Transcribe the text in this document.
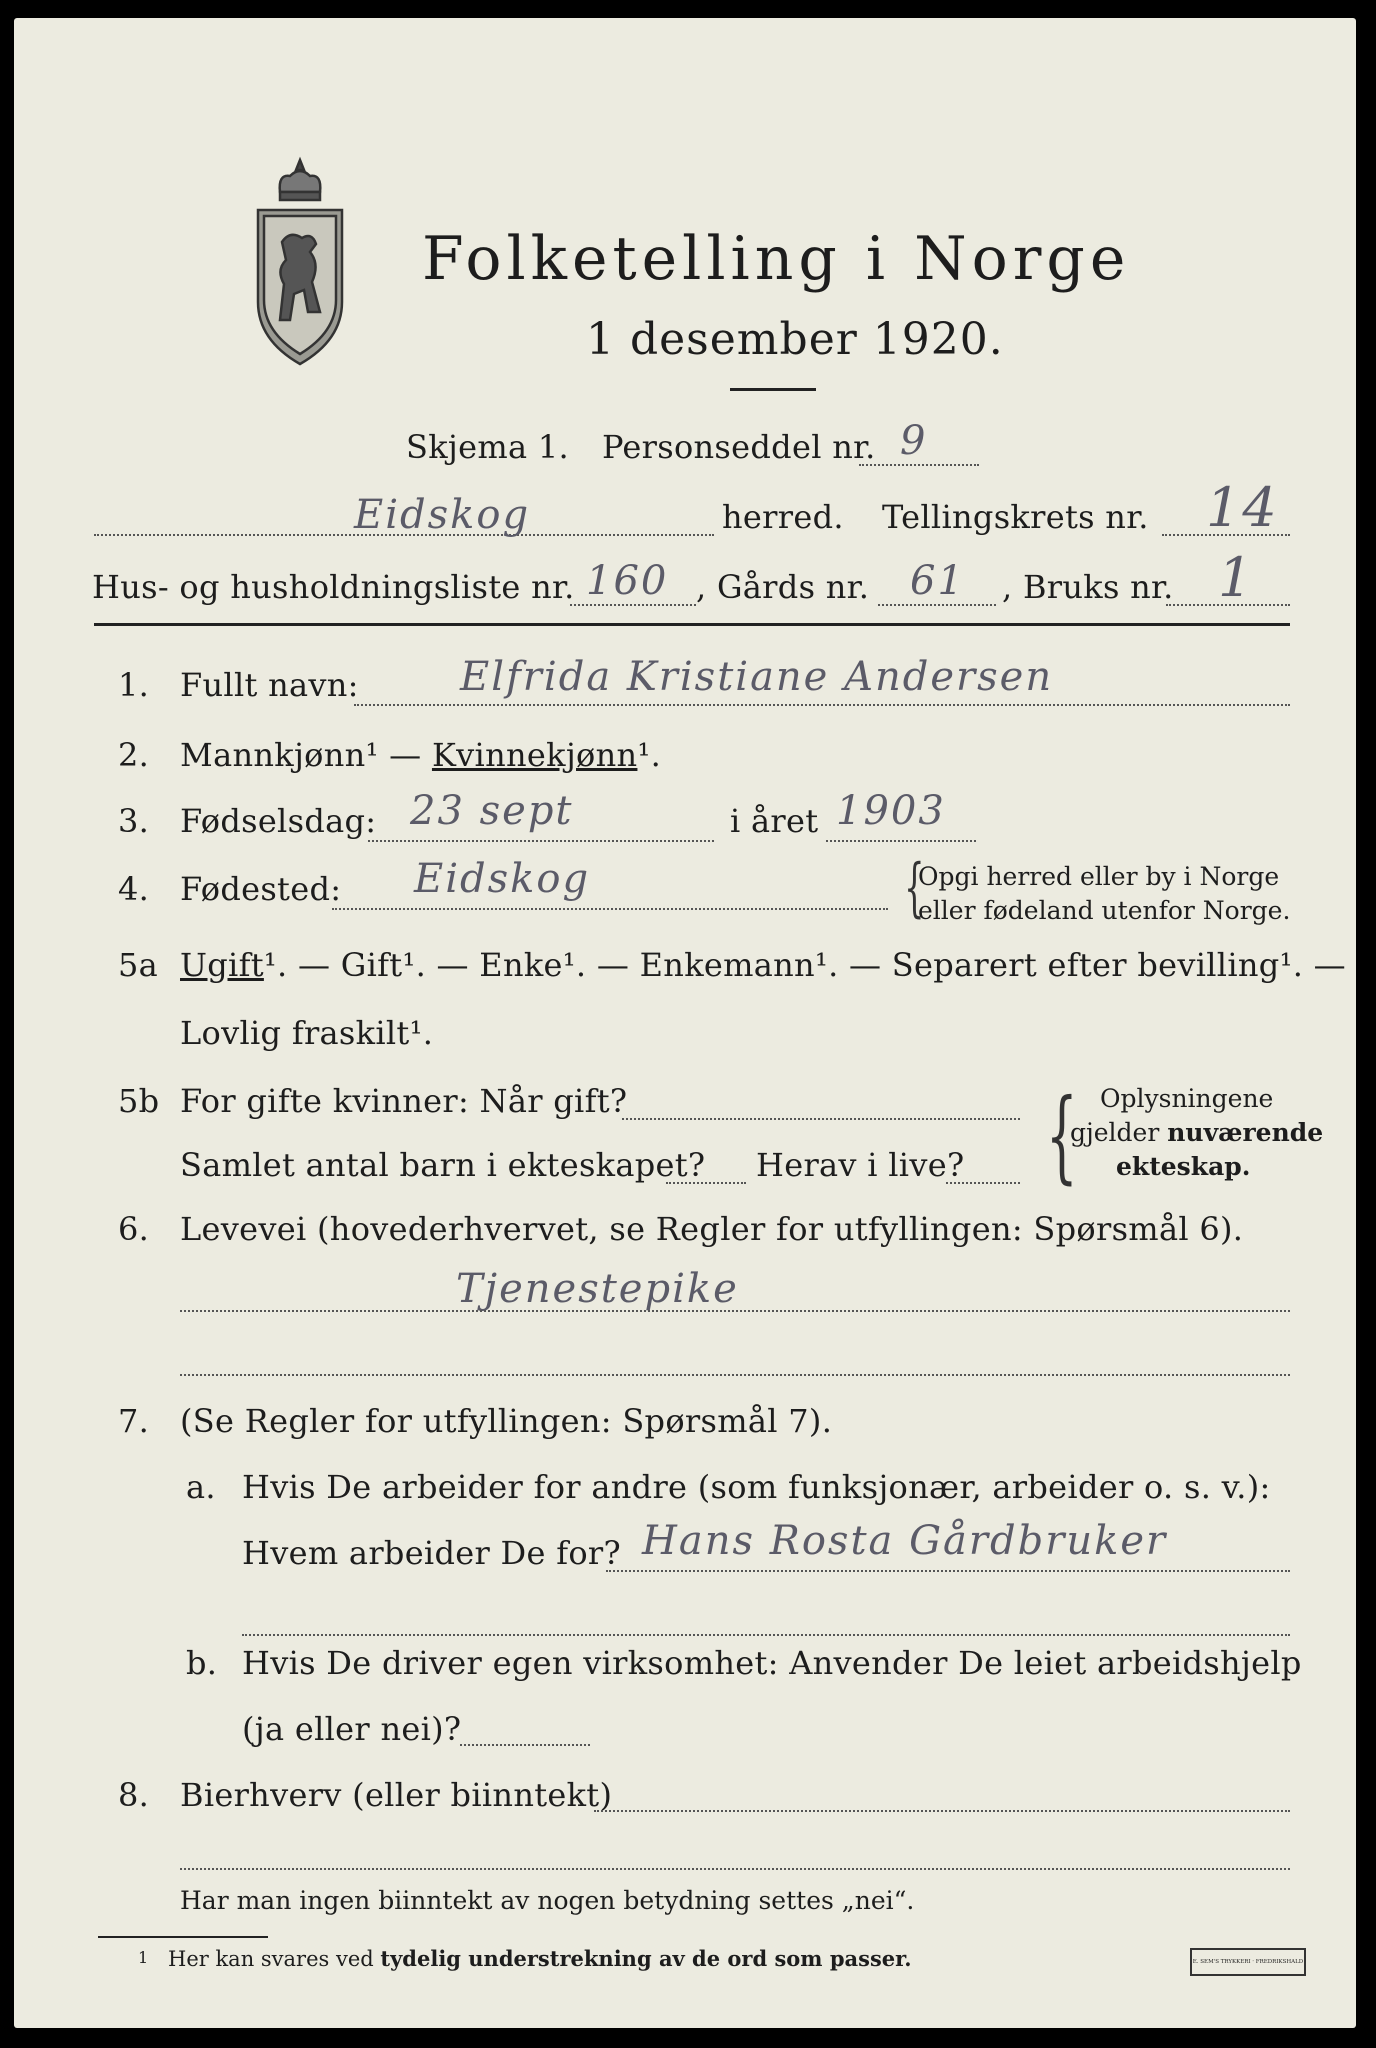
Folketelling i Norge
1 desember 1920.
Skjema 1. Personseddel nr. 9
Eidskog	herred. Tellingskrets nr. 14
Hus- og husholdningsliste nr. 160 , Gårds nr. 61 , Bruks nr. 1
1. Fullt navn:	Elfrida Kristiane Andersen
2. Mannkjønn¹ — Kvinnekjønn¹.
3. Fødselsdag: 23 sept	i året 1903
4. Fødested: Eidskog	{
Opgi herred eller by i Norge
eller fødeland utenfor Norge.
5a Ugift¹. — Gift¹. — Enke¹. — Enkemann¹. — Separert efter bevilling¹. —
Lovlig fraskilt¹.
5b For gifte kvinner: Når gift?
Samlet antal barn i ekteskapet? Herav i live? { Oplysningene
gjelder nuværende
ekteskap.
6. Levevei (hovederhvervet, se Regler for utfyllingen: Spørsmål 6).
Tjenestepike
7. (Se Regler for utfyllingen: Spørsmål 7).
a. Hvis De arbeider for andre (som funksjonær, arbeider o. s. v.):
Hvem arbeider De for? Hans Rosta Gårdbruker
b. Hvis De driver egen virksomhet: Anvender De leiet arbeidshjelp
(ja eller nei)?
8. Bierhverv (eller biinntekt)
Har man ingen biinntekt av nogen betydning settes „nei“.
1 Her kan svares ved tydelig understrekning av de ord som passer.	E. SEM'S TRYKKERI · FREDRIKSHALD
